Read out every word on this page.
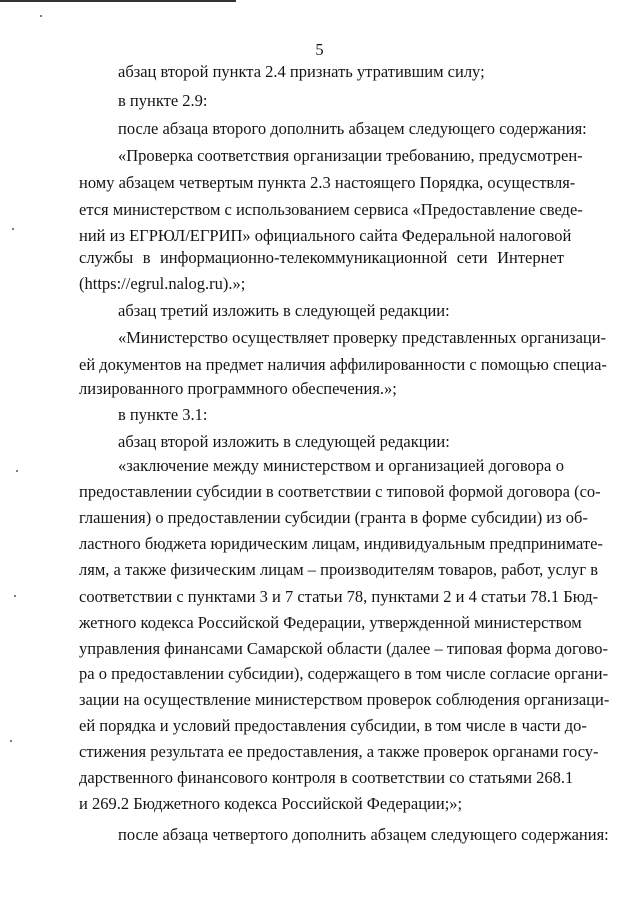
5
абзац второй пункта 2.4 признать утратившим силу;
в пункте 2.9:
после абзаца второго дополнить абзацем следующего содержания:
«Проверка соответствия организации требованию, предусмотрен-
ному абзацем четвертым пункта 2.3 настоящего Порядка, осуществля-
ется министерством с использованием сервиса «Предоставление сведе-
ний из ЕГРЮЛ/ЕГРИП» официального сайта Федеральной налоговой
службы в информационно-телекоммуникационной сети Интернет
(https://egrul.nalog.ru).»;
абзац третий изложить в следующей редакции:
«Министерство осуществляет проверку представленных организаци-
ей документов на предмет наличия аффилированности с помощью специа-
лизированного программного обеспечения.»;
в пункте 3.1:
абзац второй изложить в следующей редакции:
«заключение между министерством и организацией договора о
предоставлении субсидии в соответствии с типовой формой договора (со-
глашения) о предоставлении субсидии (гранта в форме субсидии) из об-
ластного бюджета юридическим лицам, индивидуальным предпринимате-
лям, а также физическим лицам – производителям товаров, работ, услуг в
соответствии с пунктами 3 и 7 статьи 78, пунктами 2 и 4 статьи 78.1 Бюд-
жетного кодекса Российской Федерации, утвержденной министерством
управления финансами Самарской области (далее – типовая форма догово-
ра о предоставлении субсидии), содержащего в том числе согласие органи-
зации на осуществление министерством проверок соблюдения организаци-
ей порядка и условий предоставления субсидии, в том числе в части до-
стижения результата ее предоставления, а также проверок органами госу-
дарственного финансового контроля в соответствии со статьями 268.1
и 269.2 Бюджетного кодекса Российской Федерации;»;
после абзаца четвертого дополнить абзацем следующего содержания:
